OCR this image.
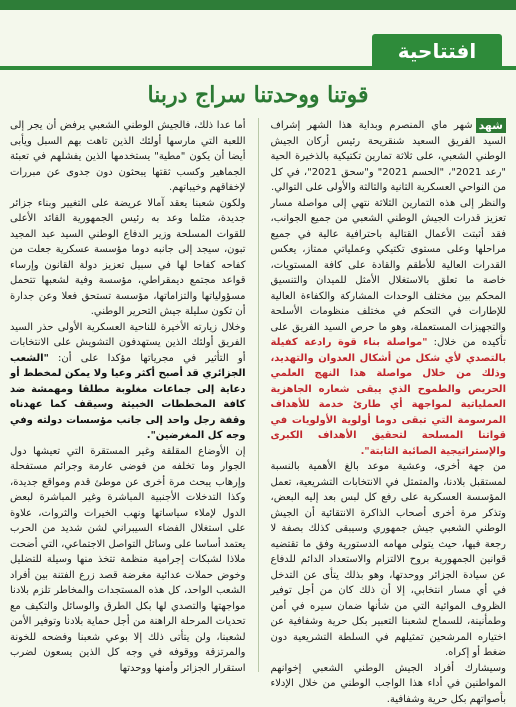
افتتاحية
قوتنا ووحدتنا سراج دربنا

شهد
شهر ماي المنصرم وبداية هذا الشهر إشراف السيد الفريق السعيد شنقريحة رئيس أركان الجيش الوطني الشعبي، على ثلاثة تمارين تكتيكية بالذخيرة الحية "رعد 2021"، "الحسم 2021" و"سحق 2021"، في كل من النواحي العسكرية الثانية والثالثة والأولى على التوالي.

والنظر إلى هذه التمارين الثلاثة نتهي إلى مواصلة مسار تعزيز قدرات الجيش الوطني الشعبي من جميع الجوانب، فقد أثبتت الأعمال القتالية باحترافية عالية في جميع مراحلها وعلى مستوى تكتيكي وعملياتي ممتاز، يعكس القدرات العالية للأطقم والقادة على كافة المستويات، خاصة ما تعلق بالاستغلال الأمثل للميدان والتنسيق المحكم بين مختلف الوحدات المشاركة والكفاءة العالية للإطارات في التحكم في مختلف منظومات الأسلحة والتجهيزات المستعملة، وهو ما حرص السيد الفريق على تأكيده من خلال: "مواصلة بناء قوة رادعة كفيلة بالتصدي لأي شكل من أشكال العدوان والتهديد، وذلك من خلال مواصلة هذا النهج العلمي الحريص والطموح الذي يبقى شعاره الجاهزية العملياتية لمواجهة أي طارئ خدمة للأهداف المرسومة التي تبقى دوما أولوية الأولويات في قواتنا المسلحة لتحقيق الأهداف الكبرى والإستراتيجية الصائبة الثابتة".

من جهة أخرى، وعشية موعد بالغ الأهمية بالنسبة لمستقبل بلادنا، والمتمثل في الانتخابات التشريعية، تعمل المؤسسة العسكرية على رفع كل لبس بعد إليه البعض، وتذكر مرة أخرى أصحاب الذاكرة الانتقائية أن الجيش الوطني الشعبي جيش جمهوري وسيبقى كذلك بصفة لا رجعة فيها، حيث يتولى مهامه الدستورية وفق ما تقتضيه قوانين الجمهورية بروح الالتزام والاستعداد الدائم للدفاع عن سيادة الجزائر ووحدتها، وهو بذلك يتأى عن التدخل في أي مسار انتخابي، إلا أن ذلك كان من أجل توفير الظروف الموائية التي من شأنها ضمان سيره في أمن وطمأنينة، للسماح لشعبنا التعبير بكل حرية وشفافية عن اختياره المرشحين تمثيلهم في السلطة التشريعية دون ضغط أو إكراه.

وسيشارك أفراد الجيش الوطني الشعبي إخوانهم المواطنين في أداء هذا الواجب الوطني من خلال الإدلاء بأصواتهم بكل حرية وشفافية.

أما عدا ذلك، فالجيش الوطني الشعبي يرفض أن يجر إلى اللعبة التي مارسها أولئك الذين تاهت بهم السبل ويأبى أيضا أن يكون "مطية" يستخدمها الذين يفشلهم في تعبئة الجماهير وكسب ثقتها يبحثون دون جدوى عن مبررات لإخفاقهم وخيباتهم.

ولكون شعبنا يعقد آمالا عريضة على التغيير وبناء جزائر جديدة، مثلما وعد به رئيس الجمهورية القائد الأعلى للقوات المسلحة وزير الدفاع الوطني السيد عبد المجيد تبون، سيجد إلى جانبه دوما مؤسسة عسكرية جعلت من كفاحه كفاحا لها في سبيل تعزيز دولة القانون وإرساء قواعد مجتمع ديمقراطي، مؤسسة وفية لشعبها تتحمل مسؤولياتها والتزاماتها، مؤسسة تستحق فعلا وعن جدارة أن تكون سليلة جيش التحرير الوطني.

وخلال زيارته الأخيرة للناحية العسكرية الأولى حذر السيد الفريق أولئك الذين يستهدفون التشويش على الانتخابات أو التأثير في مجرياتها مؤكدا على أن: "الشعب الجزائري قد أصبح أكثر وعيا ولا يمكن لمخطط أو دعاية إلى جماعات مغلوبة مطلقا ومهمشة ضد كافة المخططات الخبيثة وسيقف كما عهدناه وقفة رجل واحد إلى جانب مؤسسات دولته وفي وجه كل المغرضين".

إن الأوضاع المقلقة وغير المستقرة التي تعيشها دول الجوار وما تخلفه من فوضى عارمة وجرائم مستفحلة وإرهاب يبحث مرة أخرى عن موطئ قدم ومواقع جديدة، وكذا التدخلات الأجنبية المباشرة وغير المباشرة لبعض الدول لإملاء سياساتها ونهب الخيرات والثروات، علاوة على استغلال الفضاء السيبراني لشن شديد من الحرب يعتمد أساسا على وسائل التواصل الاجتماعي، التي أضحت ملاذا لشبكات إجرامية منظمة تتخذ منها وسيلة للتضليل وخوض حملات عدائية مغرضة قصد زرع الفتنة بين أفراد الشعب الواحد، كل هذه المستجدات والمخاطر تلزم بلادنا مواجهتها والتصدي لها بكل الطرق والوسائل والتكيف مع تحديات المرحلة الراهنة من أجل حماية بلادنا وتوفير الأمن لشعبنا، ولن يتأتى ذلك إلا بوعي شعبنا وفضحه للخونة والمرتزقة ووقوفه في وجه كل الذين يسعون لضرب استقرار الجزائر وأمنها ووحدتها
